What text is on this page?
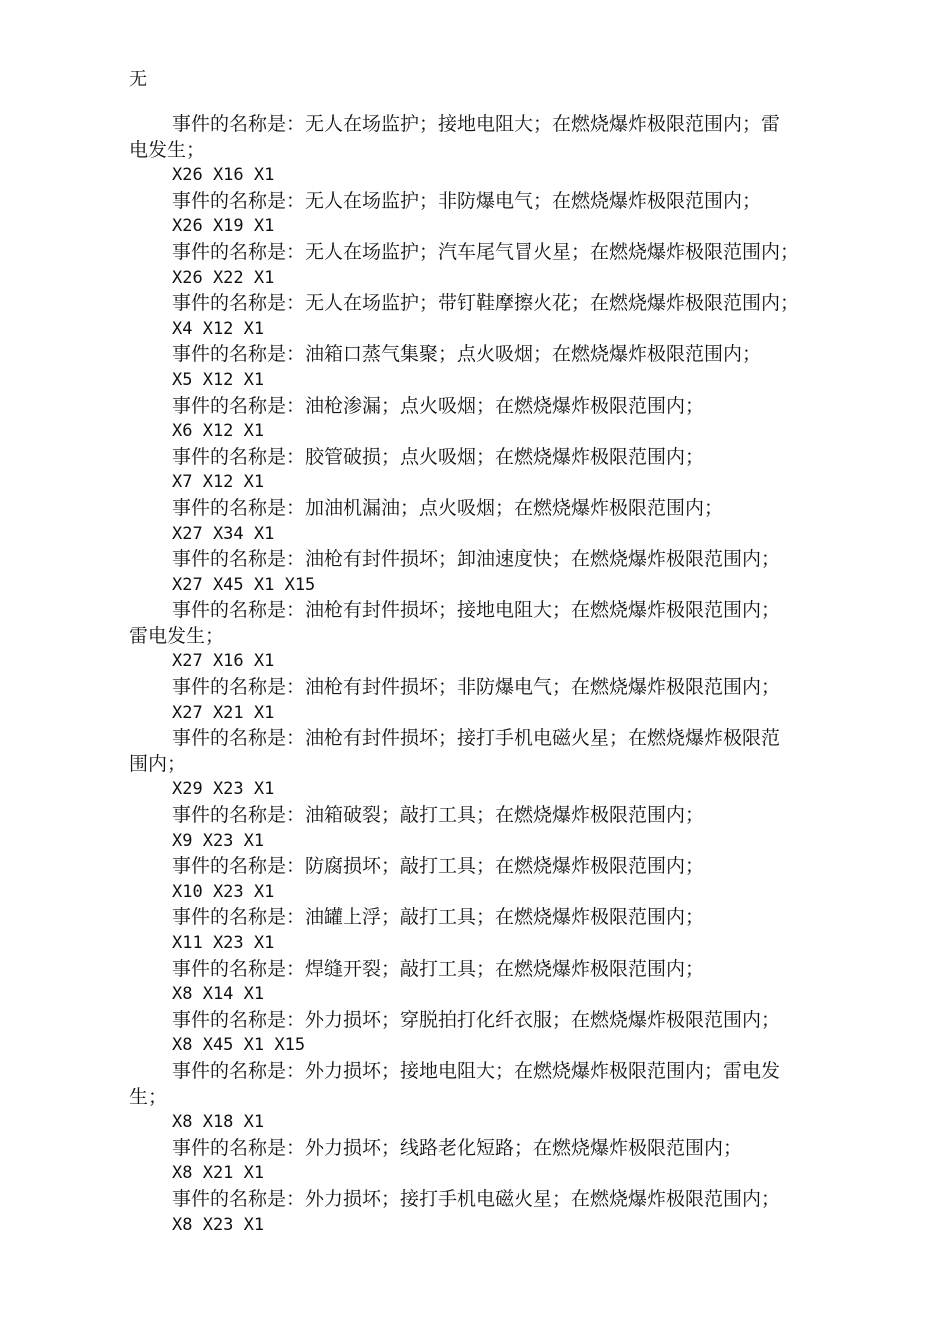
无
事件的名称是：无人在场监护；接地电阻大；在燃烧爆炸极限范围内；雷
电发生；
X26 X16 X1
事件的名称是：无人在场监护；非防爆电气；在燃烧爆炸极限范围内；
X26 X19 X1
事件的名称是：无人在场监护；汽车尾气冒火星；在燃烧爆炸极限范围内；
X26 X22 X1
事件的名称是：无人在场监护；带钉鞋摩擦火花；在燃烧爆炸极限范围内；
X4 X12 X1
事件的名称是：油箱口蒸气集聚；点火吸烟；在燃烧爆炸极限范围内；
X5 X12 X1
事件的名称是：油枪渗漏；点火吸烟；在燃烧爆炸极限范围内；
X6 X12 X1
事件的名称是：胶管破损；点火吸烟；在燃烧爆炸极限范围内；
X7 X12 X1
事件的名称是：加油机漏油；点火吸烟；在燃烧爆炸极限范围内；
X27 X34 X1
事件的名称是：油枪有封件损坏；卸油速度快；在燃烧爆炸极限范围内；
X27 X45 X1 X15
事件的名称是：油枪有封件损坏；接地电阻大；在燃烧爆炸极限范围内；
雷电发生；
X27 X16 X1
事件的名称是：油枪有封件损坏；非防爆电气；在燃烧爆炸极限范围内；
X27 X21 X1
事件的名称是：油枪有封件损坏；接打手机电磁火星；在燃烧爆炸极限范
围内；
X29 X23 X1
事件的名称是：油箱破裂；敲打工具；在燃烧爆炸极限范围内；
X9 X23 X1
事件的名称是：防腐损坏；敲打工具；在燃烧爆炸极限范围内；
X10 X23 X1
事件的名称是：油罐上浮；敲打工具；在燃烧爆炸极限范围内；
X11 X23 X1
事件的名称是：焊缝开裂；敲打工具；在燃烧爆炸极限范围内；
X8 X14 X1
事件的名称是：外力损坏；穿脱拍打化纤衣服；在燃烧爆炸极限范围内；
X8 X45 X1 X15
事件的名称是：外力损坏；接地电阻大；在燃烧爆炸极限范围内；雷电发
生；
X8 X18 X1
事件的名称是：外力损坏；线路老化短路；在燃烧爆炸极限范围内；
X8 X21 X1
事件的名称是：外力损坏；接打手机电磁火星；在燃烧爆炸极限范围内；
X8 X23 X1
